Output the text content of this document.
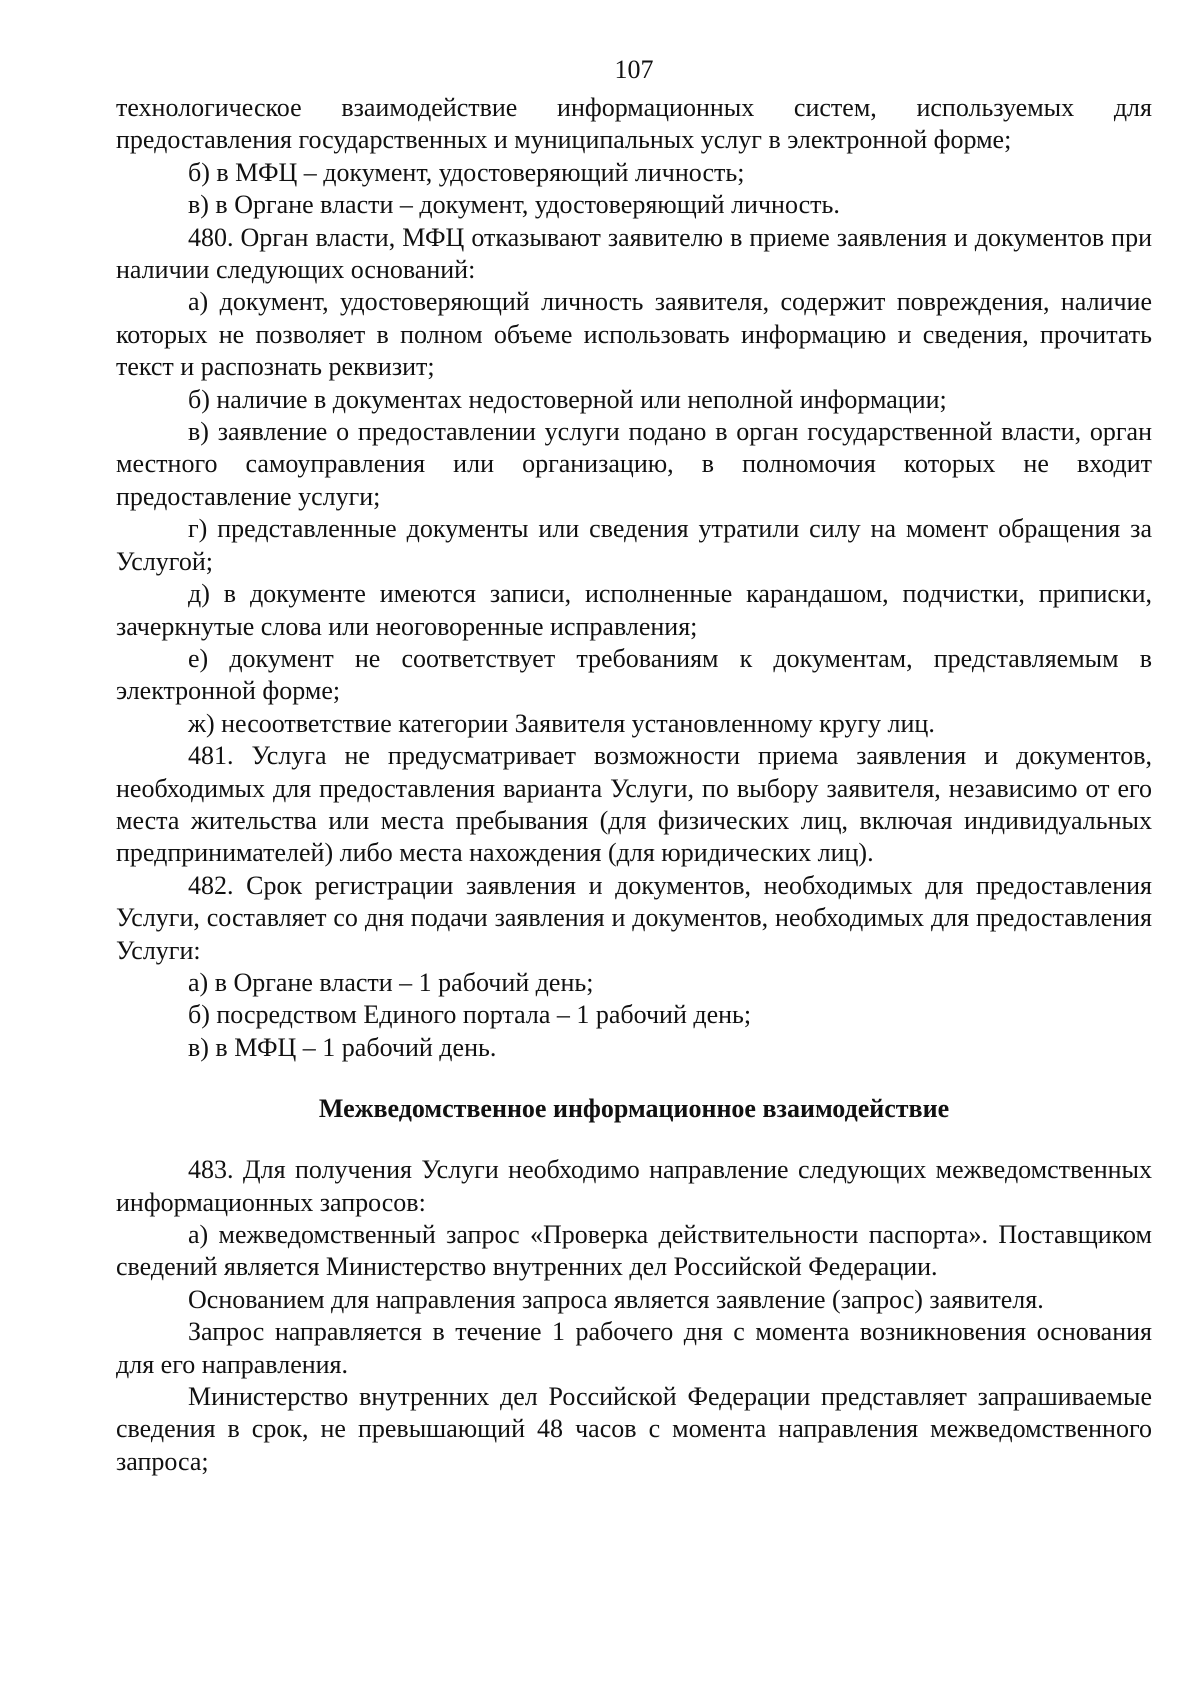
107

технологическое взаимодействие информационных систем, используемых для предоставления государственных и муниципальных услуг в электронной форме;

б) в МФЦ – документ, удостоверяющий личность;

в) в Органе власти – документ, удостоверяющий личность.

480. Орган власти, МФЦ отказывают заявителю в приеме заявления и документов при наличии следующих оснований:

а) документ, удостоверяющий личность заявителя, содержит повреждения, наличие которых не позволяет в полном объеме использовать информацию и сведения, прочитать текст и распознать реквизит;

б) наличие в документах недостоверной или неполной информации;

в) заявление о предоставлении услуги подано в орган государственной власти, орган местного самоуправления или организацию, в полномочия которых не входит предоставление услуги;

г) представленные документы или сведения утратили силу на момент обращения за Услугой;

д) в документе имеются записи, исполненные карандашом, подчистки, приписки, зачеркнутые слова или неоговоренные исправления;

е) документ не соответствует требованиям к документам, представляемым в электронной форме;

ж) несоответствие категории Заявителя установленному кругу лиц.

481. Услуга не предусматривает возможности приема заявления и документов, необходимых для предоставления варианта Услуги, по выбору заявителя, независимо от его места жительства или места пребывания (для физических лиц, включая индивидуальных предпринимателей) либо места нахождения (для юридических лиц).

482. Срок регистрации заявления и документов, необходимых для предоставления Услуги, составляет со дня подачи заявления и документов, необходимых для предоставления Услуги:

а) в Органе власти – 1 рабочий день;

б) посредством Единого портала – 1 рабочий день;

в) в МФЦ – 1 рабочий день.

Межведомственное информационное взаимодействие

483. Для получения Услуги необходимо направление следующих межведомственных информационных запросов:

а) межведомственный запрос «Проверка действительности паспорта». Поставщиком сведений является Министерство внутренних дел Российской Федерации.

Основанием для направления запроса является заявление (запрос) заявителя.

Запрос направляется в течение 1 рабочего дня с момента возникновения основания для его направления.

Министерство внутренних дел Российской Федерации представляет запрашиваемые сведения в срок, не превышающий 48 часов с момента направления межведомственного запроса;
